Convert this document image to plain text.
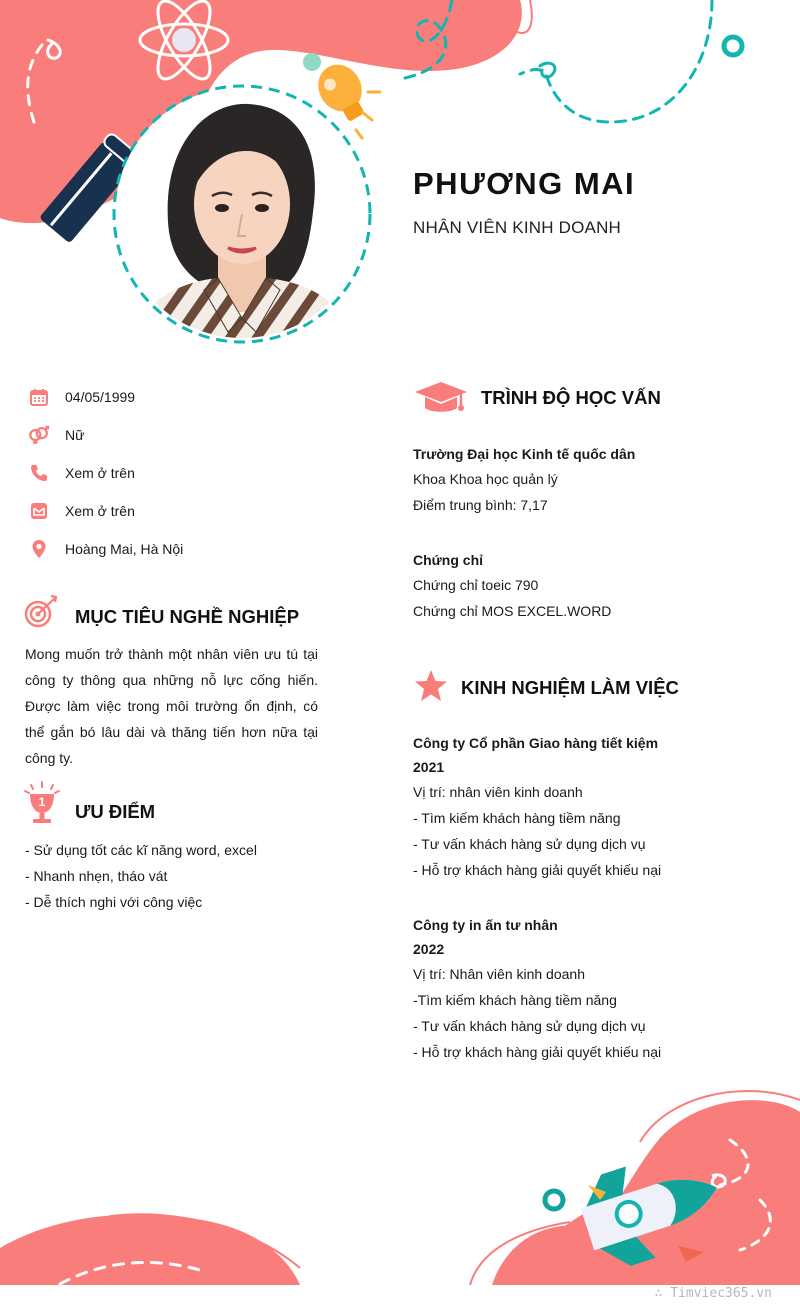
PHƯƠNG MAI
NHÂN VIÊN KINH DOANH
04/05/1999
Nữ
Xem ở trên
Xem ở trên
Hoàng Mai, Hà Nội
MỤC TIÊU NGHỀ NGHIỆP
Mong muốn trở thành một nhân viên ưu tú tại công ty thông qua những nỗ lực cống hiến. Được làm việc trong môi trường ổn định, có thể gắn bó lâu dài và thăng tiến hơn nữa tại công ty.
1 ƯU ĐIỂM
- Sử dụng tốt các kĩ năng word, excel
- Nhanh nhẹn, tháo vát
- Dễ thích nghi với công việc
TRÌNH ĐỘ HỌC VẤN
Trường Đại học Kinh tế quốc dân
Khoa Khoa học quản lý
Điểm trung bình: 7,17
Chứng chỉ
Chứng chỉ toeic 790
Chứng chỉ MOS EXCEL.WORD
KINH NGHIỆM LÀM VIỆC
Công ty Cổ phần Giao hàng tiết kiệm
2021
Vị trí: nhân viên kinh doanh
- Tìm kiếm khách hàng tiềm năng
- Tư vấn khách hàng sử dụng dịch vụ
- Hỗ trợ khách hàng giải quyết khiếu nại
Công ty in ấn tư nhân
2022
Vị trí: Nhân viên kinh doanh
-Tìm kiếm khách hàng tiềm năng
- Tư vấn khách hàng sử dụng dịch vụ
- Hỗ trợ khách hàng giải quyết khiếu nại
∴ Timviec365.vn
